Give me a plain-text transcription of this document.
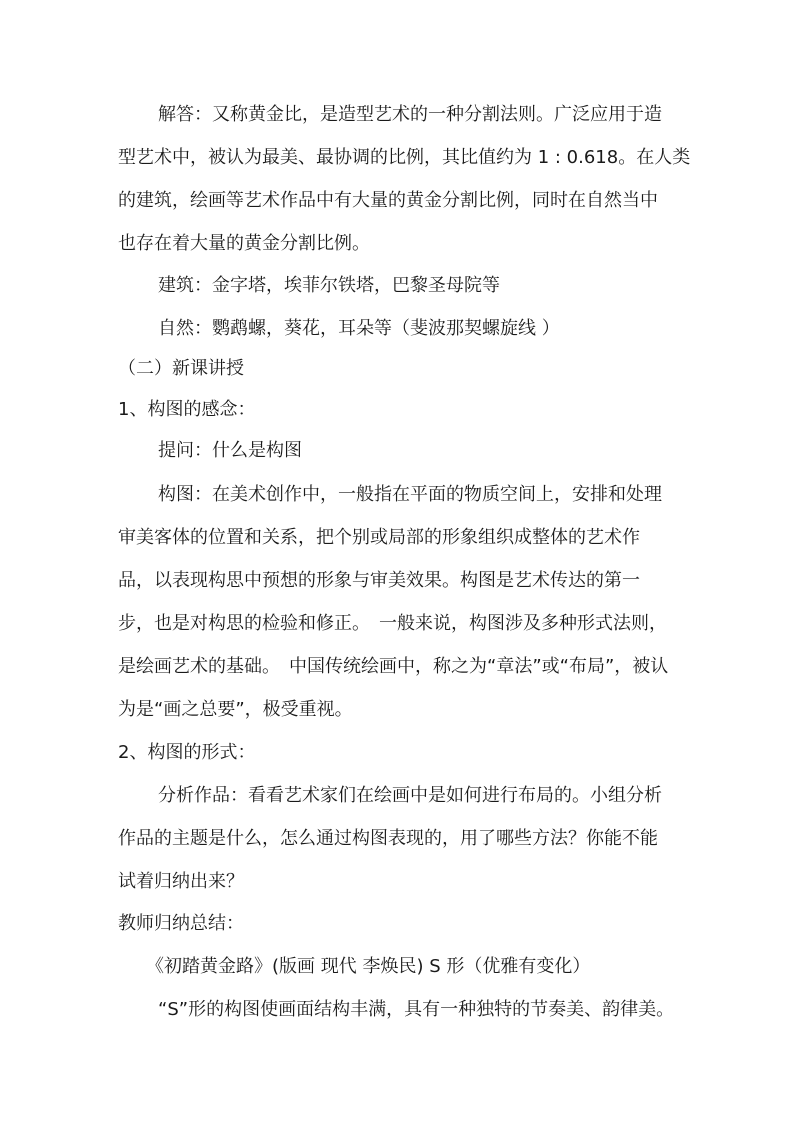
解答：又称黄金比，是造型艺术的一种分割法则。广泛应用于造
型艺术中，被认为最美、最协调的比例，其比值约为 1 : 0.618。在人类
的建筑，绘画等艺术作品中有大量的黄金分割比例，同时在自然当中
也存在着大量的黄金分割比例。
建筑：金字塔，埃菲尔铁塔，巴黎圣母院等
自然：鹦鹉螺，葵花，耳朵等（斐波那契螺旋线 ）
（二）新课讲授
1、构图的感念：
提问：什么是构图
构图：在美术创作中，一般指在平面的物质空间上，安排和处理
审美客体的位置和关系，把个别或局部的形象组织成整体的艺术作
品，以表现构思中预想的形象与审美效果。构图是艺术传达的第一
步，也是对构思的检验和修正。　一般来说，构图涉及多种形式法则，
是绘画艺术的基础。　中国传统绘画中，称之为“章法”或“布局”，被认
为是“画之总要”，极受重视。
2、构图的形式：
分析作品：看看艺术家们在绘画中是如何进行布局的。小组分析
作品的主题是什么，怎么通过构图表现的，用了哪些方法？你能不能
试着归纳出来？
教师归纳总结：
《初踏黄金路》(版画 现代 李焕民) S 形（优雅有变化）
“S”形的构图使画面结构丰满，具有一种独特的节奏美、韵律美。
